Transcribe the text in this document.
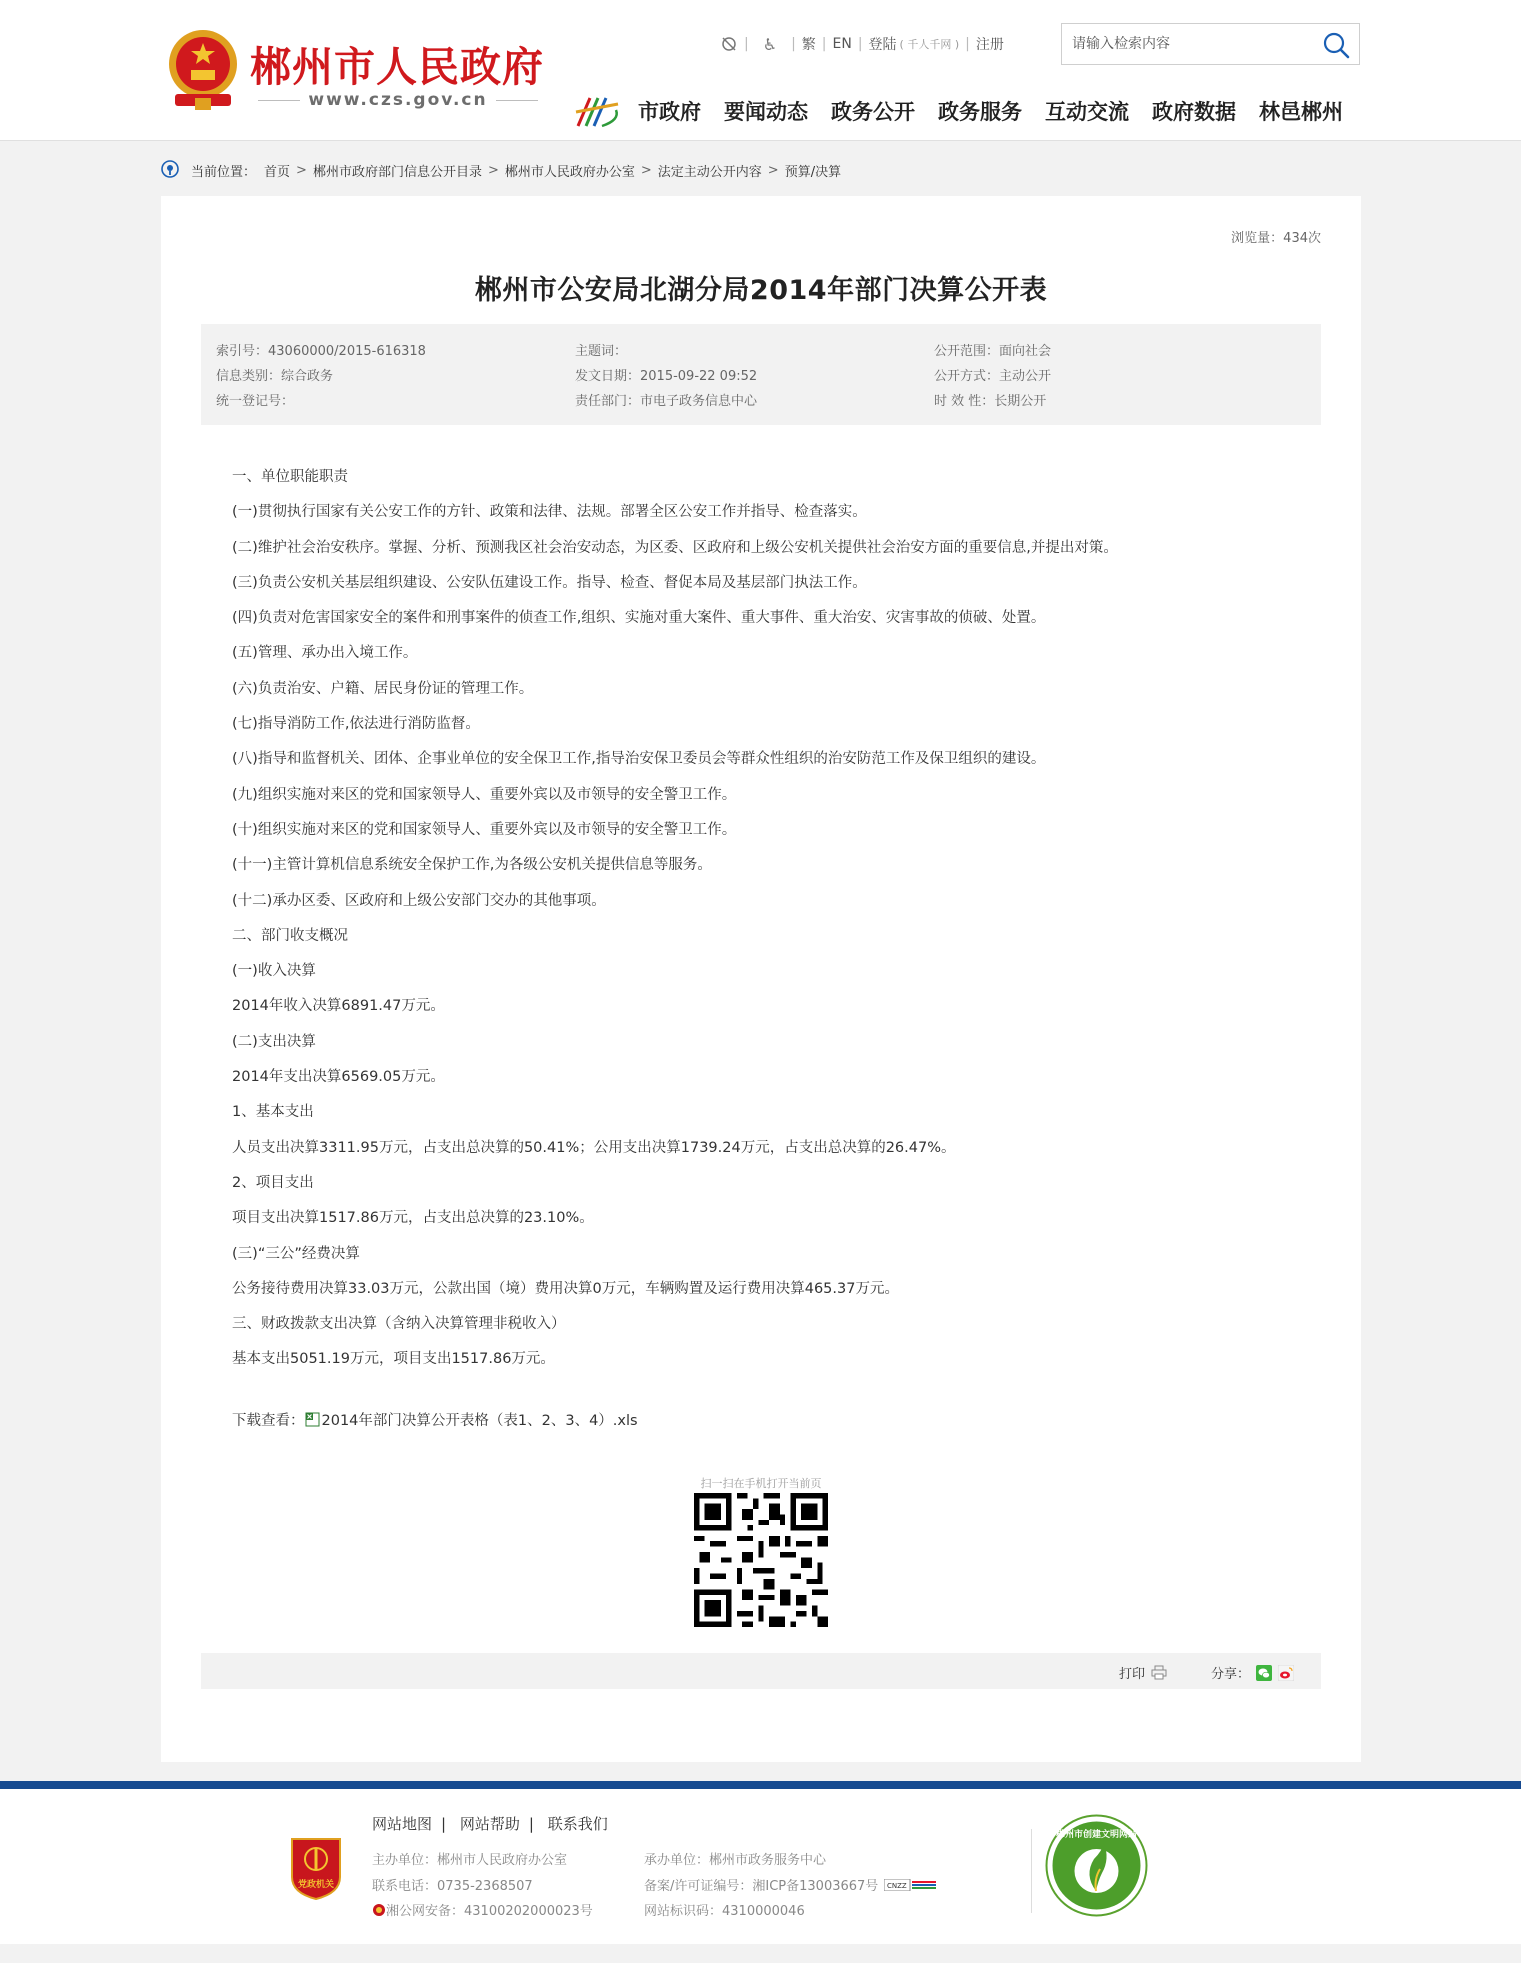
郴州市人民政府
www.czs.gov.cn
| ♿ | 繁 | EN | 登陆 ( 千人千网 ) | 注册
请输入检索内容
市政府 要闻动态 政务公开 政务服务 互动交流 政府数据 林邑郴州
当前位置： 首页 > 郴州市政府部门信息公开目录 > 郴州市人民政府办公室 > 法定主动公开内容 > 预算/决算
浏览量：434次
郴州市公安局北湖分局2014年部门决算公开表
索引号：43060000/2015-616318
信息类别：综合政务
统一登记号：
主题词：
发文日期：2015-09-22 09:52
责任部门：市电子政务信息中心
公开范围：面向社会
公开方式：主动公开
时 效 性：长期公开

一、单位职能职责

(一)贯彻执行国家有关公安工作的方针、政策和法律、法规。部署全区公安工作并指导、检查落实。

(二)维护社会治安秩序。掌握、分析、预测我区社会治安动态，为区委、区政府和上级公安机关提供社会治安方面的重要信息,并提出对策。

(三)负责公安机关基层组织建设、公安队伍建设工作。指导、检查、督促本局及基层部门执法工作。

(四)负责对危害国家安全的案件和刑事案件的侦查工作,组织、实施对重大案件、重大事件、重大治安、灾害事故的侦破、处置。

(五)管理、承办出入境工作。

(六)负责治安、户籍、居民身份证的管理工作。

(七)指导消防工作,依法进行消防监督。

(八)指导和监督机关、团体、企事业单位的安全保卫工作,指导治安保卫委员会等群众性组织的治安防范工作及保卫组织的建设。

(九)组织实施对来区的党和国家领导人、重要外宾以及市领导的安全警卫工作。

(十)组织实施对来区的党和国家领导人、重要外宾以及市领导的安全警卫工作。

(十一)主管计算机信息系统安全保护工作,为各级公安机关提供信息等服务。

(十二)承办区委、区政府和上级公安部门交办的其他事项。

二、部门收支概况

(一)收入决算

2014年收入决算6891.47万元。

(二)支出决算

2014年支出决算6569.05万元。

1、基本支出

人员支出决算3311.95万元，占支出总决算的50.41%；公用支出决算1739.24万元，占支出总决算的26.47%。

2、项目支出

项目支出决算1517.86万元，占支出总决算的23.10%。

(三)“三公”经费决算

公务接待费用决算33.03万元，公款出国（境）费用决算0万元，车辆购置及运行费用决算465.37万元。

三、财政拨款支出决算（含纳入决算管理非税收入）

基本支出5051.19万元，项目支出1517.86万元。

下载查看： 2014年部门决算公开表格（表1、2、3、4）.xls
扫一扫在手机打开当前页
打印	分享：
党政机关
网站地图 | 网站帮助 | 联系我们
主办单位：郴州市人民政府办公室
联系电话：0735-2368507
湘公网安备：43100202000023号
承办单位：郴州市政务服务中心
备案/许可证编号：湘ICP备13003667号 CNZZ
网站标识码：4310000046
郴州市创建文明网站
